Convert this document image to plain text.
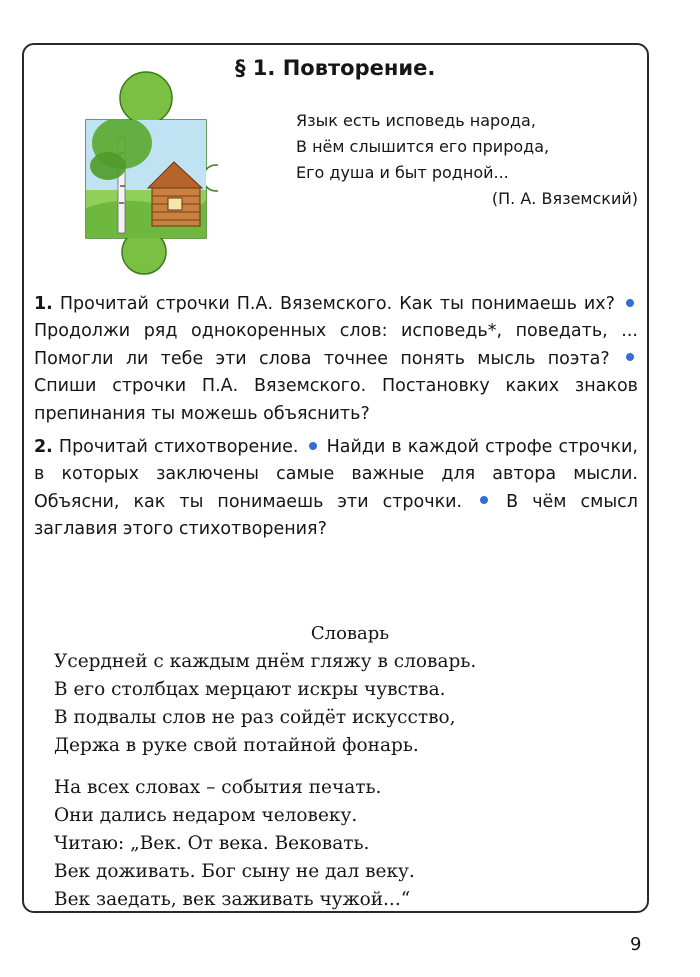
§ 1. Повторение.
Язык есть исповедь народа,
В нём слышится его природа,
Его душа и быт родной...
(П. А. Вяземский)

1. Прочитай строчки П.А. Вяземского. Как ты понимаешь их?  Продолжи ряд однокоренных слов: исповедь*, поведать, ... Помогли ли тебе эти слова точнее понять мысль поэта?  Спиши строчки П.А. Вяземского. Постановку каких знаков препинания ты можешь объяснить?

2. Прочитай стихотворение. Найди в каждой строфе строчки, в которых заключены самые важные для автора мысли. Объясни, как ты понимаешь эти строчки.	В чём смысл заглавия этого стихотворения?

Словарь
Усердней с каждым днём гляжу в словарь.
В его столбцах мерцают искры чувства.
В подвалы слов не раз сойдёт искусство,
Держа в руке свой потайной фонарь.
На всех словах – события печать.
Они дались недаром человеку.
Читаю: „Век. От века. Вековать.
Век доживать. Бог сыну не дал веку.
Век заедать, век заживать чужой...“
9
